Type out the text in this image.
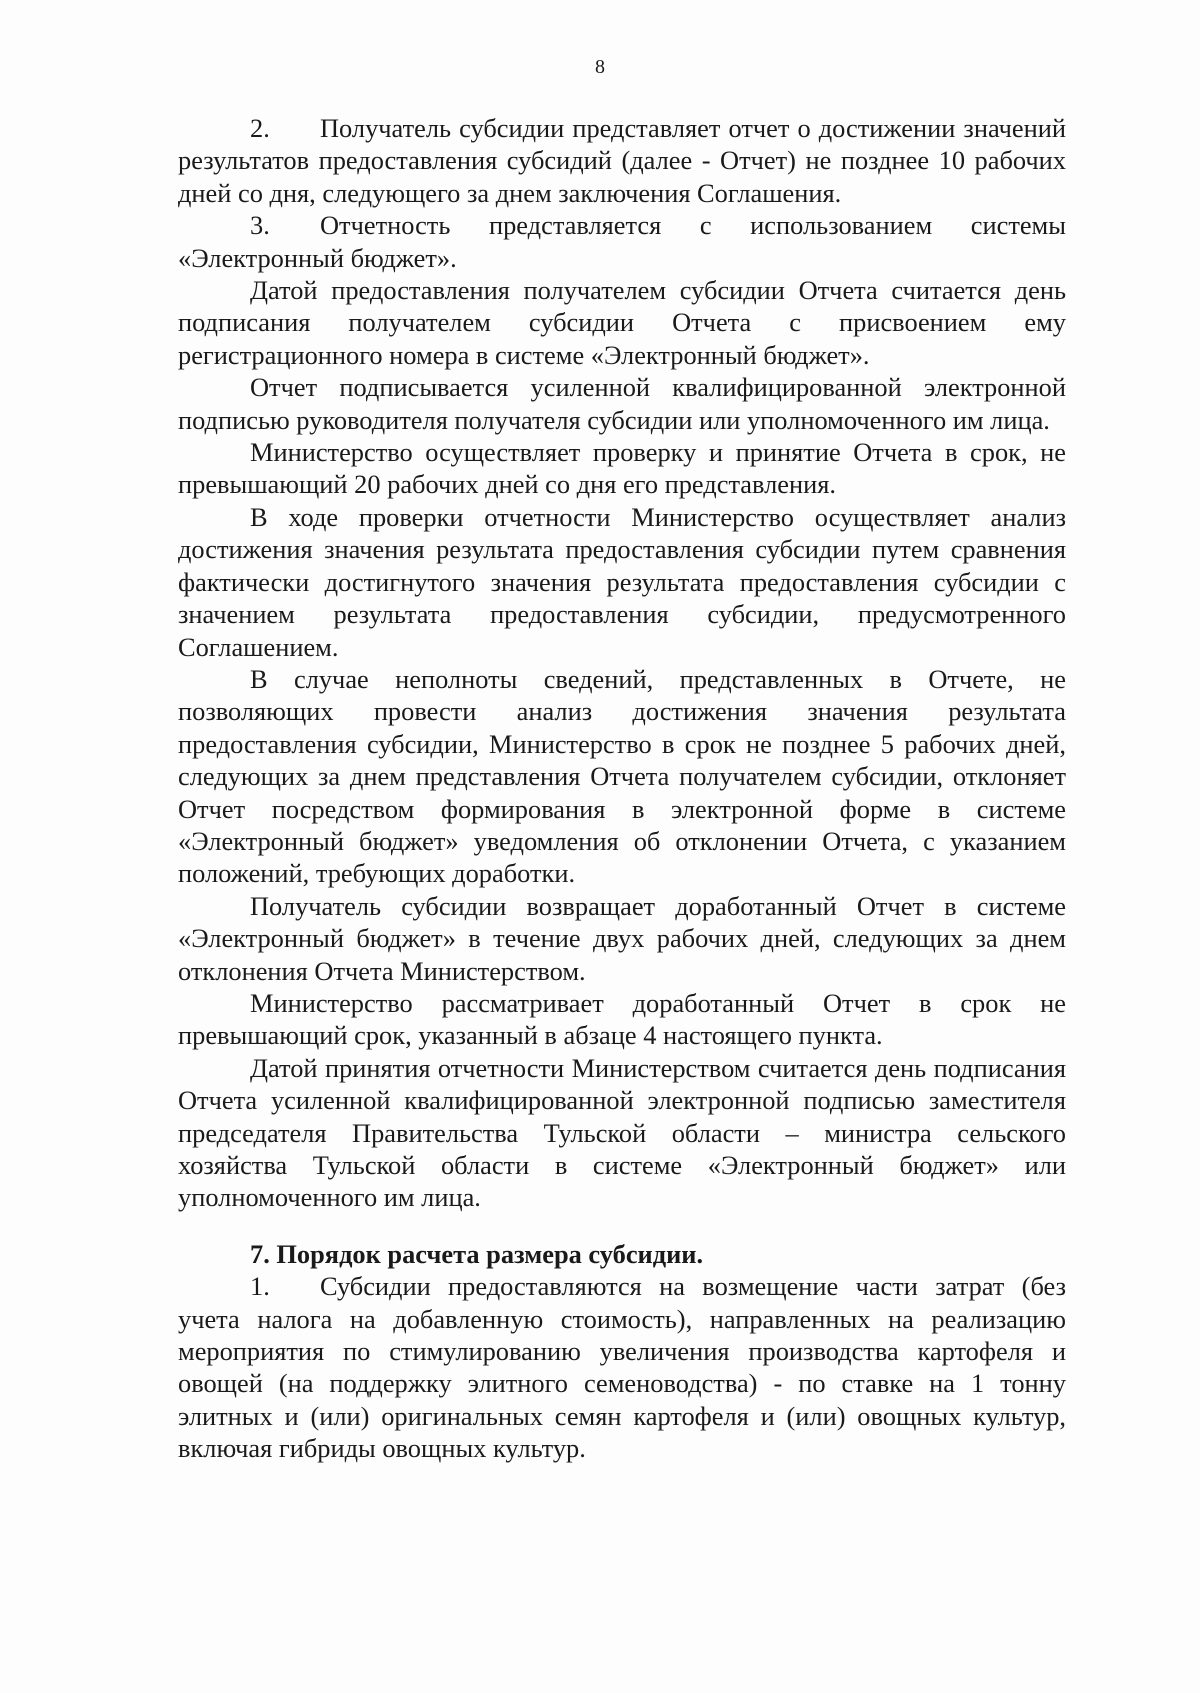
8

2. Получатель субсидии представляет отчет о достижении значений результатов предоставления субсидий (далее - Отчет) не позднее 10 рабочих дней со дня, следующего за днем заключения Соглашения.

3. Отчетность представляется с использованием системы «Электронный бюджет».

Датой предоставления получателем субсидии Отчета считается день подписания получателем субсидии Отчета с присвоением ему регистрационного номера в системе «Электронный бюджет».

Отчет подписывается усиленной квалифицированной электронной подписью руководителя получателя субсидии или уполномоченного им лица.

Министерство осуществляет проверку и принятие Отчета в срок, не превышающий 20 рабочих дней со дня его представления.

В ходе проверки отчетности Министерство осуществляет анализ достижения значения результата предоставления субсидии путем сравнения фактически достигнутого значения результата предоставления субсидии с значением результата предоставления субсидии, предусмотренного Соглашением.

В случае неполноты сведений, представленных в Отчете, не позволяющих провести анализ достижения значения результата предоставления субсидии, Министерство в срок не позднее 5 рабочих дней, следующих за днем представления Отчета получателем субсидии, отклоняет Отчет посредством формирования в электронной форме в системе «Электронный бюджет» уведомления об отклонении Отчета, с указанием положений, требующих доработки.

Получатель субсидии возвращает доработанный Отчет в системе «Электронный бюджет» в течение двух рабочих дней, следующих за днем отклонения Отчета Министерством.

Министерство рассматривает доработанный Отчет в срок не превышающий срок, указанный в абзаце 4 настоящего пункта.

Датой принятия отчетности Министерством считается день подписания Отчета усиленной квалифицированной электронной подписью заместителя председателя Правительства Тульской области – министра сельского хозяйства Тульской области в системе «Электронный бюджет» или уполномоченного им лица.

7. Порядок расчета размера субсидии.

1. Субсидии предоставляются на возмещение части затрат (без учета налога на добавленную стоимость), направленных на реализацию мероприятия по стимулированию увеличения производства картофеля и овощей (на поддержку элитного семеноводства) - по ставке на 1 тонну элитных и (или) оригинальных семян картофеля и (или) овощных культур, включая гибриды овощных культур.
